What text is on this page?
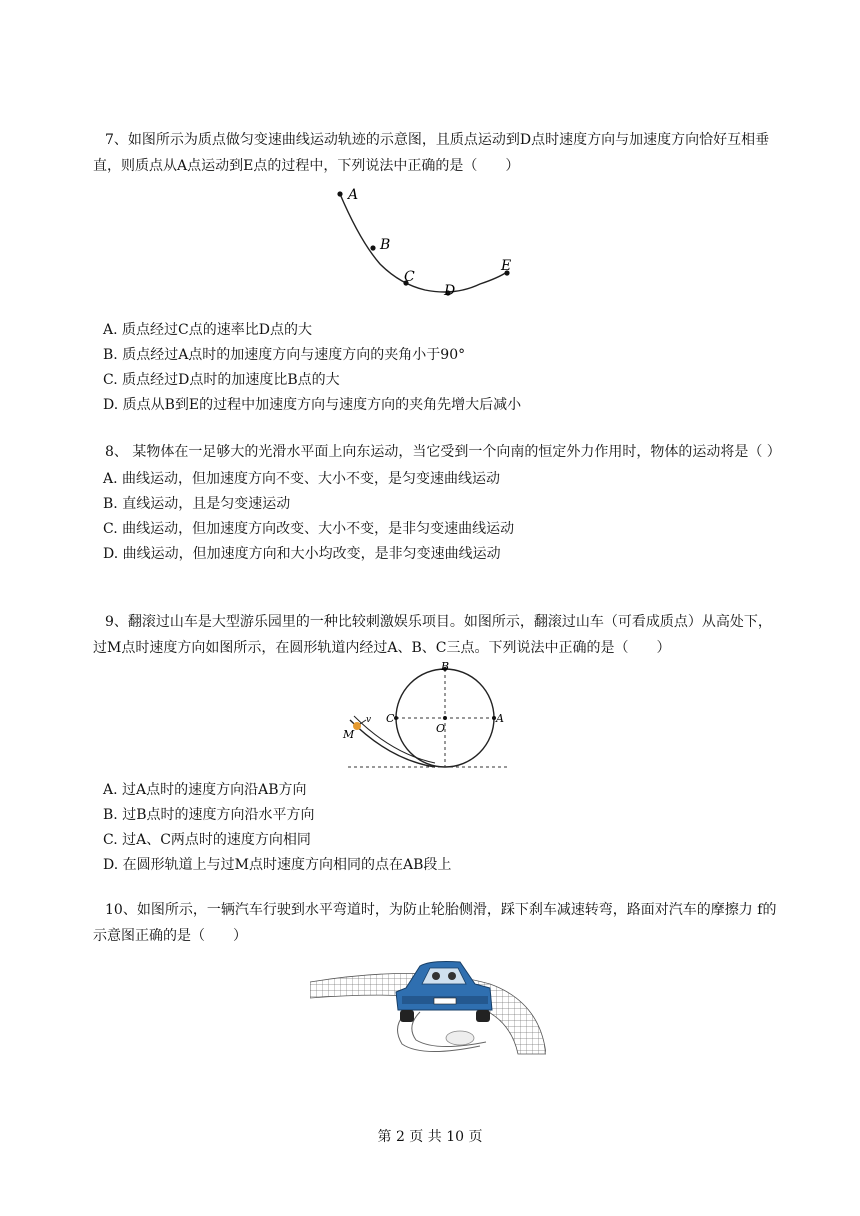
7、如图所示为质点做匀变速曲线运动轨迹的示意图，且质点运动到D点时速度方向与加速度方向恰好互相垂直，则质点从A点运动到E点的过程中，下列说法中正确的是（　　）
A
B
C
D
E
A. 质点经过C点的速率比D点的大
B. 质点经过A点时的加速度方向与速度方向的夹角小于90°
C. 质点经过D点时的加速度比B点的大
D. 质点从B到E的过程中加速度方向与速度方向的夹角先增大后减小
8、 某物体在一足够大的光滑水平面上向东运动，当它受到一个向南的恒定外力作用时，物体的运动将是（ ）
A. 曲线运动，但加速度方向不变、大小不变，是匀变速曲线运动
B. 直线运动，且是匀变速运动
C. 曲线运动，但加速度方向改变、大小不变，是非匀变速曲线运动
D. 曲线运动，但加速度方向和大小均改变，是非匀变速曲线运动
9、翻滚过山车是大型游乐园里的一种比较刺激娱乐项目。如图所示，翻滚过山车（可看成质点）从高处下，过M点时速度方向如图所示，在圆形轨道内经过A、B、C三点。下列说法中正确的是（　　）
B
C	A
O
M
v
A. 过A点时的速度方向沿AB方向
B. 过B点时的速度方向沿水平方向
C. 过A、C两点时的速度方向相同
D. 在圆形轨道上与过M点时速度方向相同的点在AB段上
10、如图所示，一辆汽车行驶到水平弯道时，为防止轮胎侧滑，踩下刹车减速转弯，路面对汽车的摩擦力 f的示意图正确的是（　　）
第 2 页 共 10 页
